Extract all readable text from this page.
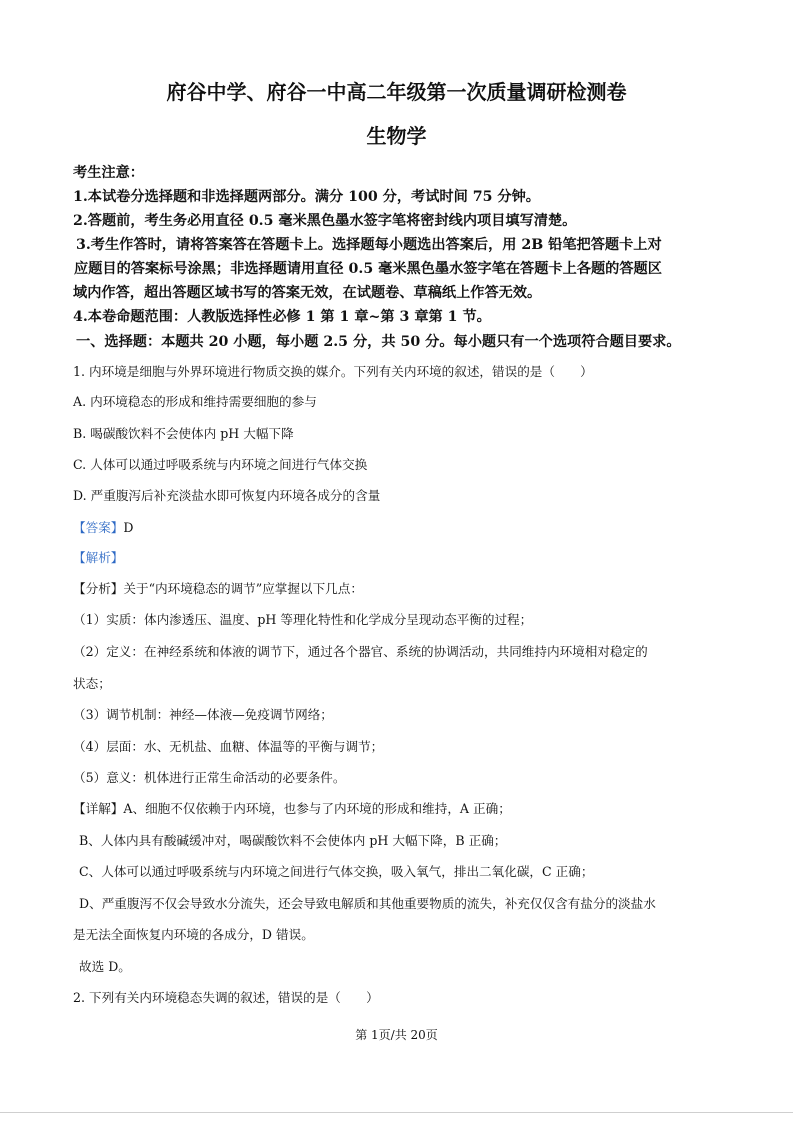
府谷中学、府谷一中高二年级第一次质量调研检测卷
生物学
考生注意：
1.本试卷分选择题和非选择题两部分。满分 100 分，考试时间 75 分钟。
2.答题前，考生务必用直径 0.5 毫米黑色墨水签字笔将密封线内项目填写清楚。
3.考生作答时，请将答案答在答题卡上。选择题每小题选出答案后，用 2B 铅笔把答题卡上对
应题目的答案标号涂黑；非选择题请用直径 0.5 毫米黑色墨水签字笔在答题卡上各题的答题区
域内作答，超出答题区域书写的答案无效，在试题卷、草稿纸上作答无效。
4.本卷命题范围：人教版选择性必修 1 第 1 章~第 3 章第 1 节。
一、选择题：本题共 20 小题，每小题 2.5 分，共 50 分。每小题只有一个选项符合题目要求。
1. 内环境是细胞与外界环境进行物质交换的媒介。下列有关内环境的叙述，错误的是（　　）
A. 内环境稳态的形成和维持需要细胞的参与
B. 喝碳酸饮料不会使体内 pH 大幅下降
C. 人体可以通过呼吸系统与内环境之间进行气体交换
D. 严重腹泻后补充淡盐水即可恢复内环境各成分的含量
【答案】D
【解析】
【分析】关于“内环境稳态的调节”应掌握以下几点：
（1）实质：体内渗透压、温度、pH 等理化特性和化学成分呈现动态平衡的过程；
（2）定义：在神经系统和体液的调节下，通过各个器官、系统的协调活动，共同维持内环境相对稳定的
状态；
（3）调节机制：神经—体液—免疫调节网络；
（4）层面：水、无机盐、血糖、体温等的平衡与调节；
（5）意义：机体进行正常生命活动的必要条件。
【详解】A、细胞不仅依赖于内环境，也参与了内环境的形成和维持，A 正确；
B、人体内具有酸碱缓冲对，喝碳酸饮料不会使体内 pH 大幅下降，B 正确；
C、人体可以通过呼吸系统与内环境之间进行气体交换，吸入氧气，排出二氧化碳，C 正确；
D、严重腹泻不仅会导致水分流失，还会导致电解质和其他重要物质的流失，补充仅仅含有盐分的淡盐水
是无法全面恢复内环境的各成分，D 错误。
故选 D。
2. 下列有关内环境稳态失调的叙述，错误的是（　　）
第 1页/共 20页
